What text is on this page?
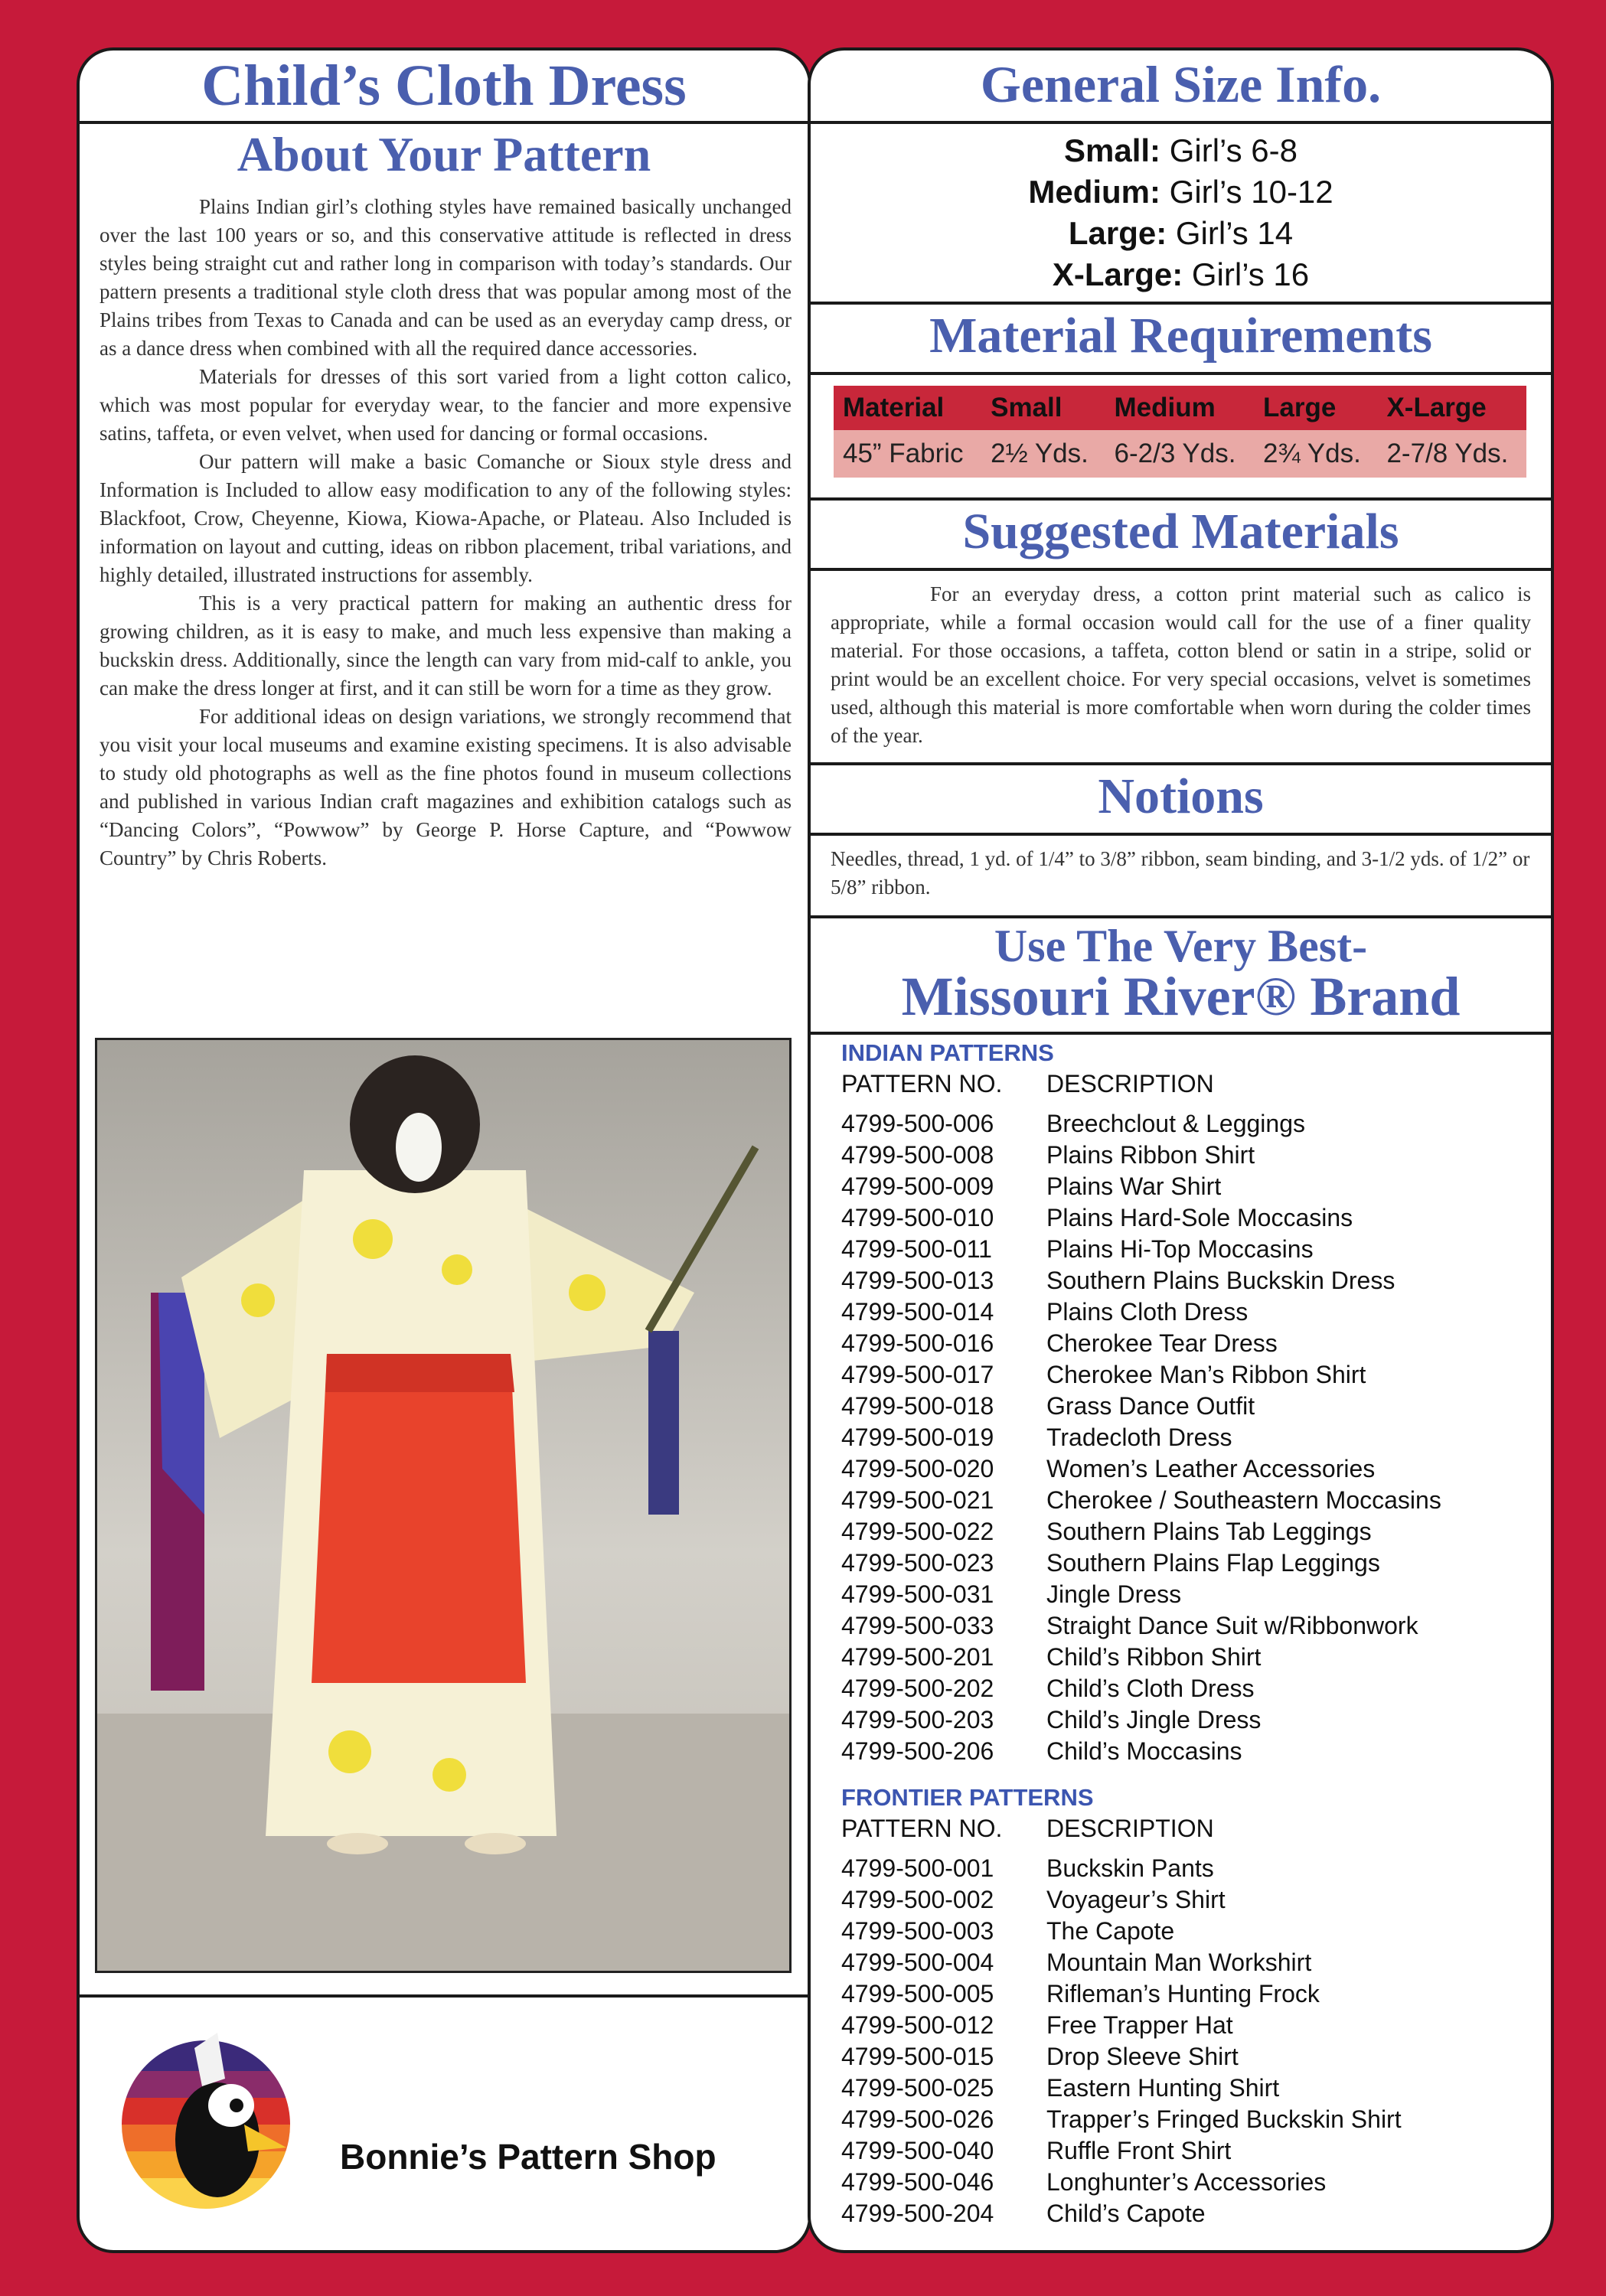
Child’s Cloth Dress
About Your Pattern

Plains Indian girl’s clothing styles have remained basically unchanged over the last 100 years or so, and this conservative attitude is reflected in dress styles being straight cut and rather long in comparison with today’s standards. Our pattern presents a traditional style cloth dress that was popular among most of the Plains tribes from Texas to Canada and can be used as an everyday camp dress, or as a dance dress when combined with all the required dance accessories.

Materials for dresses of this sort varied from a light cotton calico, which was most popular for everyday wear, to the fancier and more expensive satins, taffeta, or even velvet, when used for dancing or formal occasions.

Our pattern will make a basic Comanche or Sioux style dress and Information is Included to allow easy modification to any of the following styles: Blackfoot, Crow, Cheyenne, Kiowa, Kiowa-Apache, or Plateau. Also Included is information on layout and cutting, ideas on ribbon placement, tribal variations, and highly detailed, illustrated instructions for assembly.

This is a very practical pattern for making an authentic dress for growing children, as it is easy to make, and much less expensive than making a buckskin dress. Additionally, since the length can vary from mid-calf to ankle, you can make the dress longer at first, and it can still be worn for a time as they grow.

For additional ideas on design variations, we strongly recommend that you visit your local museums and examine existing specimens. It is also advisable to study old photographs as well as the fine photos found in museum collections and published in various Indian craft magazines and exhibition catalogs such as “Dancing Colors”, “Powwow” by George P. Horse Capture, and “Powwow Country” by Chris Roberts.

Bonnie’s Pattern Shop
General Size Info.
Small: Girl’s 6-8
Medium: Girl’s 10-12
Large: Girl’s 14
X-Large: Girl’s 16
Material Requirements
Material	Small	Medium	Large	X-Large
45” Fabric	2½ Yds.	6-2/3 Yds.	2¾ Yds.	2-7/8 Yds.
Suggested Materials

For an everyday dress, a cotton print material such as calico is appropriate, while a formal occasion would call for the use of a finer quality material. For those occasions, a taffeta, cotton blend or satin in a stripe, solid or print would be an excellent choice. For very special occasions, velvet is sometimes used, although this material is more comfortable when worn during the colder times of the year.

Notions
Needles, thread, 1 yd. of 1/4” to 3/8” ribbon, seam binding, and 3-1/2 yds. of 1/2” or 5/8” ribbon.
Use The Very Best-
Missouri River® Brand
INDIAN PATTERNS
PATTERN NO. DESCRIPTION
4799-500-006 Breechclout & Leggings
4799-500-008 Plains Ribbon Shirt
4799-500-009 Plains War Shirt
4799-500-010 Plains Hard-Sole Moccasins
4799-500-011 Plains Hi-Top Moccasins
4799-500-013 Southern Plains Buckskin Dress
4799-500-014 Plains Cloth Dress
4799-500-016 Cherokee Tear Dress
4799-500-017 Cherokee Man’s Ribbon Shirt
4799-500-018 Grass Dance Outfit
4799-500-019 Tradecloth Dress
4799-500-020 Women’s Leather Accessories
4799-500-021 Cherokee / Southeastern Moccasins
4799-500-022 Southern Plains Tab Leggings
4799-500-023 Southern Plains Flap Leggings
4799-500-031 Jingle Dress
4799-500-033 Straight Dance Suit w/Ribbonwork
4799-500-201 Child’s Ribbon Shirt
4799-500-202 Child’s Cloth Dress
4799-500-203 Child’s Jingle Dress
4799-500-206 Child’s Moccasins
FRONTIER PATTERNS
PATTERN NO. DESCRIPTION
4799-500-001 Buckskin Pants
4799-500-002 Voyageur’s Shirt
4799-500-003 The Capote
4799-500-004 Mountain Man Workshirt
4799-500-005 Rifleman’s Hunting Frock
4799-500-012 Free Trapper Hat
4799-500-015 Drop Sleeve Shirt
4799-500-025 Eastern Hunting Shirt
4799-500-026 Trapper’s Fringed Buckskin Shirt
4799-500-040 Ruffle Front Shirt
4799-500-046 Longhunter’s Accessories
4799-500-204 Child’s Capote
